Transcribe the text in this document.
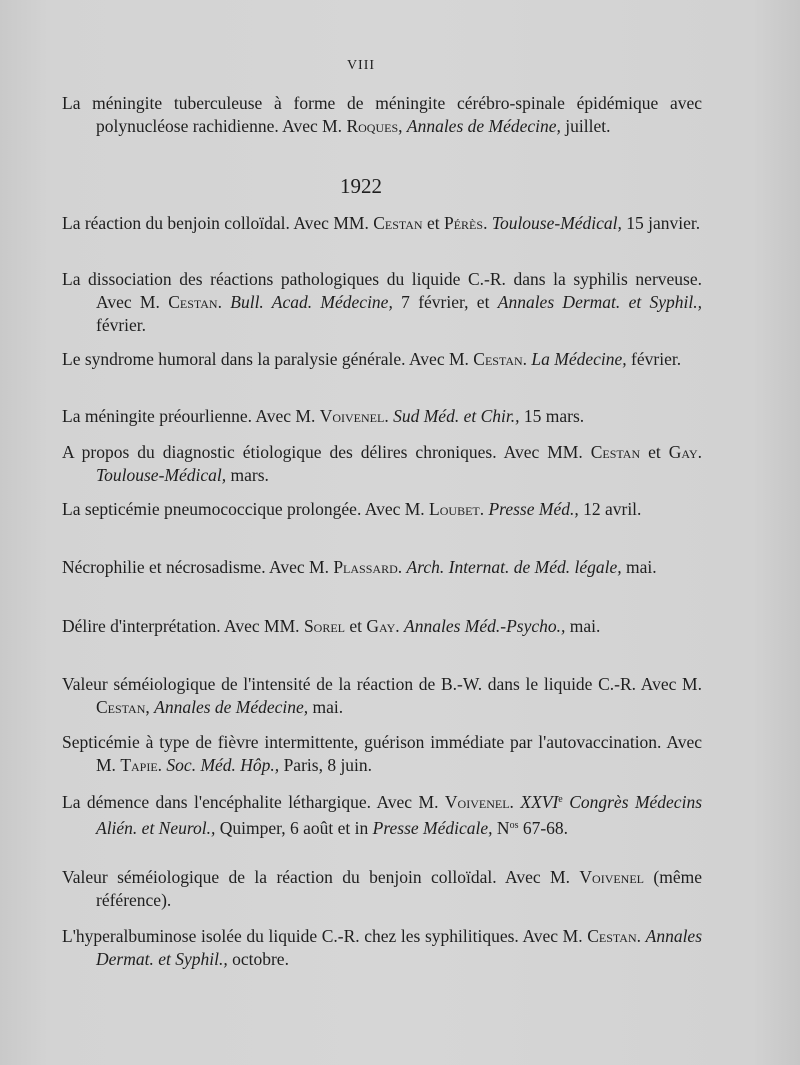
VIII
La méningite tuberculeuse à forme de méningite cérébro-spinale épidémique avec polynucléose rachidienne. Avec M. Roques, Annales de Médecine, juillet.
1922
La réaction du benjoin colloïdal. Avec MM. Cestan et Pérès. Toulouse-Médical, 15 janvier.
La dissociation des réactions pathologiques du liquide C.-R. dans la syphilis nerveuse. Avec M. Cestan. Bull. Acad. Médecine, 7 février, et Annales Dermat. et Syphil., février.
Le syndrome humoral dans la paralysie générale. Avec M. Cestan. La Médecine, février.
La méningite préourlienne. Avec M. Voivenel. Sud Méd. et Chir., 15 mars.
A propos du diagnostic étiologique des délires chroniques. Avec MM. Cestan et Gay. Toulouse-Médical, mars.
La septicémie pneumococcique prolongée. Avec M. Loubet. Presse Méd., 12 avril.
Nécrophilie et nécrosadisme. Avec M. Plassard. Arch. Internat. de Méd. légale, mai.
Délire d'interprétation. Avec MM. Sorel et Gay. Annales Méd.-Psycho., mai.
Valeur séméiologique de l'intensité de la réaction de B.-W. dans le liquide C.-R. Avec M. Cestan, Annales de Médecine, mai.
Septicémie à type de fièvre intermittente, guérison immédiate par l'autovaccination. Avec M. Tapie. Soc. Méd. Hôp., Paris, 8 juin.
La démence dans l'encéphalite léthargique. Avec M. Voivenel. XXVIe Congrès Médecins Alién. et Neurol., Quimper, 6 août et in Presse Médicale, $N^{os}$ 67-68.
Valeur séméiologique de la réaction du benjoin colloïdal. Avec M. Voivenel (même référence).
L'hyperalbuminose isolée du liquide C.-R. chez les syphilitiques. Avec M. Cestan. Annales Dermat. et Syphil., octobre.
